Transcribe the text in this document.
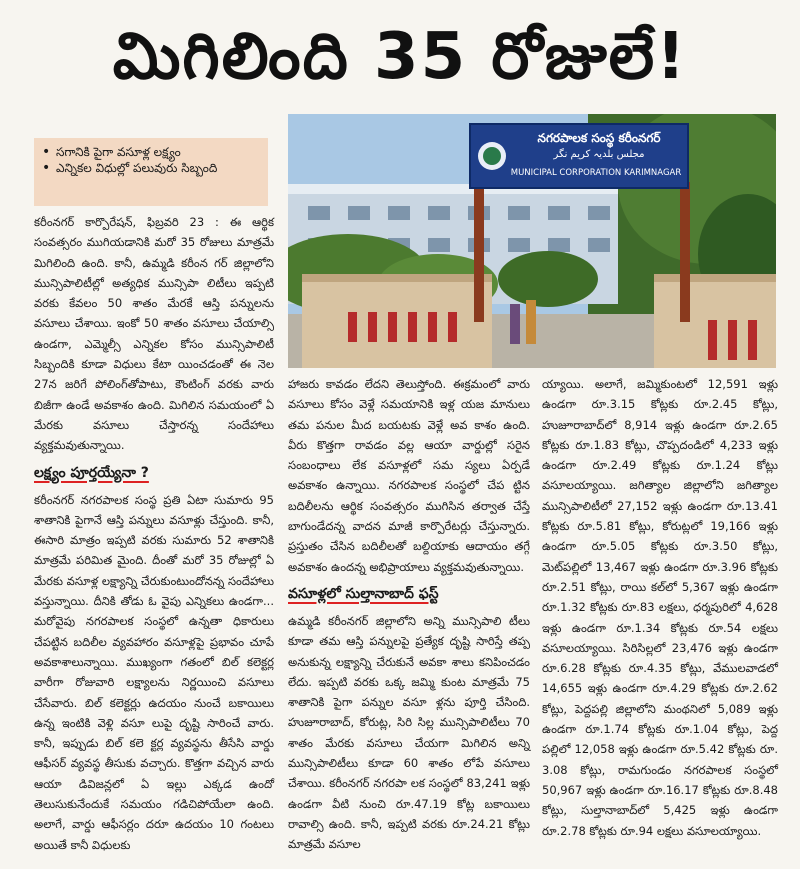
మిగిలింది 35 రోజులే!
• సగానికి పైగా వసూళ్ల లక్ష్యం
• ఎన్నికల విధుల్లో పలువురు సిబ్బంది
నగరపాలక సంస్థ కరీంనగర్
مجلس بلدیہ کریم نگر
MUNICIPAL CORPORATION KARIMNAGAR

కరీంనగర్ కార్పొరేషన్, ఫిబ్రవరి 23 : ఈ ఆర్థిక సంవత్సరం ముగియడానికి మరో 35 రోజులు మాత్రమే మిగిలింది ఉంది. కానీ, ఉమ్మడి కరీంన గర్ జిల్లాలోని మున్సిపాలిటీల్లో అత్యధిక మున్సిపా లిటీలు ఇప్పటి వరకు కేవలం 50 శాతం మేరకే ఆస్తి పన్నులను వసూలు చేశాయి. ఇంకో 50 శాతం వసూలు చేయాల్సి ఉండగా, ఎమ్మెల్సీ ఎన్నికల కోసం మున్సిపాలిటీ సిబ్బందికి కూడా విధులు కేటా యించడంతో ఈ నెల 27న జరిగే పోలింగ్‌తోపాటు, కౌంటింగ్ వరకు వారు బిజీగా ఉండే అవకాశం ఉంది. మిగిలిన సమయంలో ఏ మేరకు వసూలు చేస్తారన్న సందేహాలు వ్యక్తమవుతున్నాయి.

లక్ష్యం పూర్తయ్యేనా ?

కరీంనగర్ నగరపాలక సంస్థ ప్రతి ఏటా సుమారు 95 శాతానికి పైగానే ఆస్తి పన్నులు వసూళ్లు చేస్తుంది. కానీ, ఈసారి మాత్రం ఇప్పటి వరకు సుమారు 52 శాతానికి మాత్రమే పరిమిత మైంది. దీంతో మరో 35 రోజుల్లో ఏ మేరకు వసూళ్ల లక్ష్యాన్ని చేరుకుంటుందోనన్న సందేహాలు వస్తున్నాయి. దీనికి తోడు ఓ వైపు ఎన్నికలు ఉండగా... మరోవైపు నగరపాలక సంస్థలో ఉన్నతా ధికారులు చేపట్టిన బదిలీల వ్యవహారం వసూళ్లపై ప్రభావం చూపే అవకాశాలున్నాయి. ముఖ్యంగా గతంలో బిల్ కలెక్టర్ల వారీగా రోజువారి లక్ష్యాలను నిర్ణయించి వసూలు చేసేవారు. బిల్ కలెక్టర్లు ఉదయం నుంచే బకాయిలు ఉన్న ఇంటికి వెళ్లి వసూ లుపై దృష్టి సారించే వారు. కానీ, ఇప్పుడు బిల్ కలె క్టర్ల వ్యవస్థను తీసేసి వార్డు ఆఫీసర్ వ్యవస్థ తీసుకు వచ్చారు. కొత్తగా వచ్చిన వారు ఆయా డివిజన్లలో ఏ ఇల్లు ఎక్కడ ఉందో తెలుసుకునేందుకే సమయం గడిచిపోయేలా ఉంది. అలాగే, వార్డు ఆఫీసర్లం దరూ ఉదయం 10 గంటలు అయితే కానీ విధులకు

హాజరు కావడం లేదని తెలుస్తోంది. ఈక్రమంలో వారు వసూలు కోసం వెళ్లే సమయానికి ఇళ్ల యజ మానులు తమ పనుల మీద బయటకు వెళ్లే అవ కాశం ఉంది. వీరు కొత్తగా రావడం వల్ల ఆయా వార్డుల్లో సరైన సంబంధాలు లేక వసూళ్లలో సమ స్యలు ఏర్పడే అవకాశం ఉన్నాయి. నగరపాలక సంస్థలో చేప ట్టిన బదిలీలను ఆర్థిక సంవత్సరం ముగిసిన తర్వాత చేస్తే బాగుండేదన్న వాదన మాజీ కార్పొరేటర్లు చేస్తున్నారు. ప్రస్తుతం చేసిన బదిలీలతో బల్దియాకు ఆదాయం తగ్గే అవకాశం ఉందన్న అభిప్రాయాలు వ్యక్తమవుతున్నాయి.

వసూళ్లలో సుల్తానాబాద్ ఫస్ట్

ఉమ్మడి కరీంనగర్ జిల్లాలోని అన్ని మున్సిపాలి టీలు కూడా తమ ఆస్తి పన్నులపై ప్రత్యేక దృష్టి సారిస్తే తప్ప అనుకున్న లక్ష్యాన్ని చేరుకునే అవకా శాలు కనిపించడం లేదు. ఇప్పటి వరకు ఒక్క జమ్మి కుంట మాత్రమే 75 శాతానికి పైగా పన్నుల వసూ ళ్లను పూర్తి చేసింది. హుజూరాబాద్, కోరుట్ల, సిరి సిల్ల మున్సిపాలిటీలు 70 శాతం మేరకు వసూలు చేయగా మిగిలిన అన్ని మున్సిపాలిటీలు కూడా 60 శాతం లోపే వసూలు చేశాయి. కరీంనగర్ నగరపా లక సంస్థలో 83,241 ఇళ్లు ఉండగా వీటి నుంచి రూ.47.19 కోట్ల బకాయిలు రావాల్సి ఉంది. కానీ, ఇప్పటి వరకు రూ.24.21 కోట్లు మాత్రమే వసూల

య్యాయి. అలాగే, జమ్మికుంటలో 12,591 ఇళ్లు ఉండగా రూ.3.15 కోట్లకు రూ.2.45 కోట్లు, హుజూరాబాద్‌లో 8,914 ఇళ్లు ఉండగా రూ.2.65 కోట్లకు రూ.1.83 కోట్లు, చొప్పదండిలో 4,233 ఇళ్లు ఉండగా రూ.2.49 కోట్లకు రూ.1.24 కోట్లు వసూలయ్యాయి. జగిత్యాల జిల్లాలోని జగిత్యాల మున్సిపాలిటీలో 27,152 ఇళ్లు ఉండగా రూ.13.41 కోట్లకు రూ.5.81 కోట్లు, కోరుట్లలో 19,166 ఇళ్లు ఉండగా రూ.5.05 కోట్లకు రూ.3.50 కోట్లు, మెట్‌పల్లిలో 13,467 ఇళ్లు ఉండగా రూ.3.96 కోట్లకు రూ.2.51 కోట్లు, రాయి కల్‌లో 5,367 ఇళ్లు ఉండగా రూ.1.32 కోట్లకు రూ.83 లక్షలు, ధర్మపురిలో 4,628 ఇళ్లు ఉండగా రూ.1.34 కోట్లకు రూ.54 లక్షలు వసూలయ్యాయి. సిరిసిల్లలో 23,476 ఇళ్లు ఉండగా రూ.6.28 కోట్లకు రూ.4.35 కోట్లు, వేములవాడలో 14,655 ఇళ్లు ఉండగా రూ.4.29 కోట్లకు రూ.2.62 కోట్లు, పెద్దపల్లి జిల్లాలోని మంథనిలో 5,089 ఇళ్లు ఉండగా రూ.1.74 కోట్లకు రూ.1.04 కోట్లు, పెద్ద పల్లిలో 12,058 ఇళ్లు ఉండగా రూ.5.42 కోట్లకు రూ. 3.08 కోట్లు, రామగుండం నగరపాలక సంస్థలో 50,967 ఇళ్లు ఉండగా రూ.16.17 కోట్లకు రూ.8.48 కోట్లు, సుల్తానాబాద్‌లో 5,425 ఇళ్లు ఉండగా రూ.2.78 కోట్లకు రూ.94 లక్షలు వసూలయ్యాయి.
